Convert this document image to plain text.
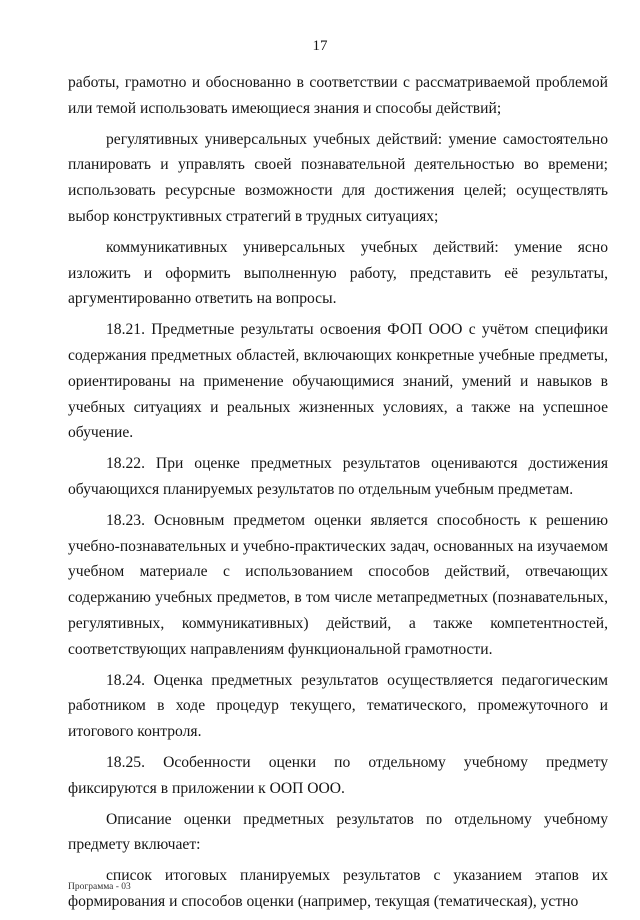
17

работы, грамотно и обоснованно в соответствии с рассматриваемой проблемой или темой использовать имеющиеся знания и способы действий;

регулятивных универсальных учебных действий: умение самостоятельно планировать и управлять своей познавательной деятельностью во времени; использовать ресурсные возможности для достижения целей; осуществлять выбор конструктивных стратегий в трудных ситуациях;

коммуникативных универсальных учебных действий: умение ясно изложить и оформить выполненную работу, представить её результаты, аргументированно ответить на вопросы.

18.21. Предметные результаты освоения ФОП ООО с учётом специфики содержания предметных областей, включающих конкретные учебные предметы, ориентированы на применение обучающимися знаний, умений и навыков в учебных ситуациях и реальных жизненных условиях, а также на успешное обучение.

18.22. При оценке предметных результатов оцениваются достижения обучающихся планируемых результатов по отдельным учебным предметам.

18.23. Основным предметом оценки является способность к решению учебно-познавательных и учебно-практических задач, основанных на изучаемом учебном материале с использованием способов действий, отвечающих содержанию учебных предметов, в том числе метапредметных (познавательных, регулятивных, коммуникативных) действий, а также компетентностей, соответствующих направлениям функциональной грамотности.

18.24. Оценка предметных результатов осуществляется педагогическим работником в ходе процедур текущего, тематического, промежуточного и итогового контроля.

18.25. Особенности оценки по отдельному учебному предмету фиксируются в приложении к ООП ООО.

Описание оценки предметных результатов по отдельному учебному предмету включает:

список итоговых планируемых результатов с указанием этапов их формирования и способов оценки (например, текущая (тематическая), устно

Программа - 03
